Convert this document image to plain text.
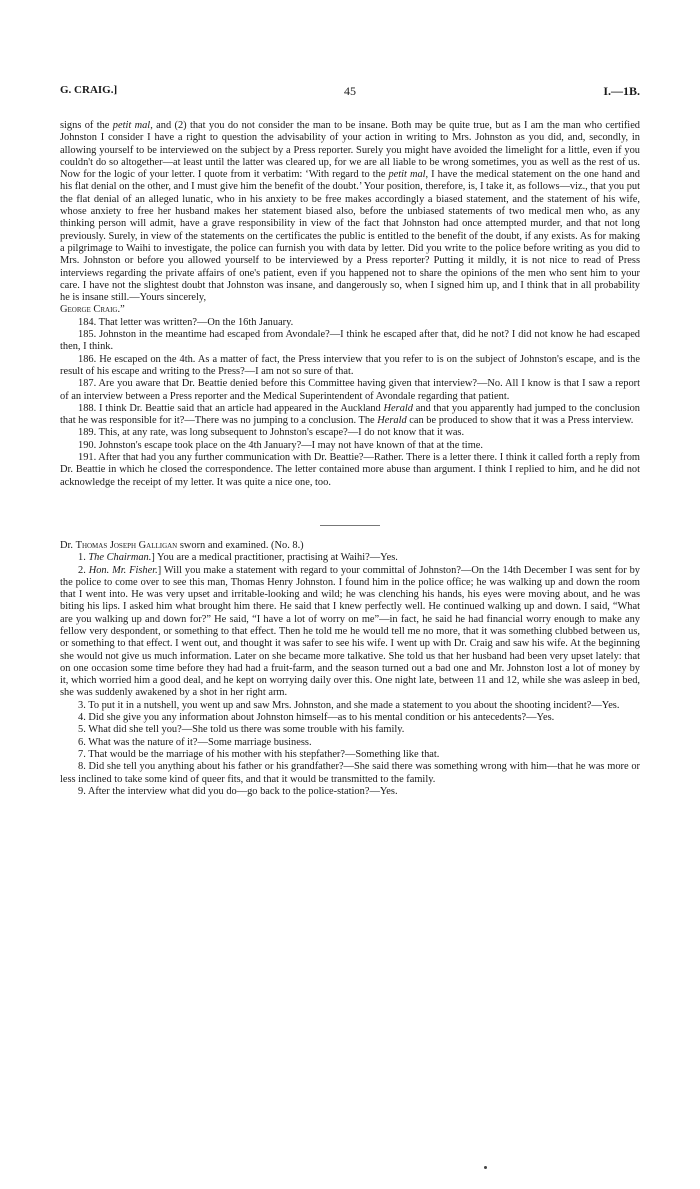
G. CRAIG.]	45	I.—1B.

signs of the petit mal, and (2) that you do not consider the man to be insane. Both may be quite true, but as I am the man who certified Johnston I consider I have a right to question the advisability of your action in writing to Mrs. Johnston as you did, and, secondly, in allowing yourself to be interviewed on the subject by a Press reporter. Surely you might have avoided the limelight for a little, even if you couldn't do so altogether—at least until the latter was cleared up, for we are all liable to be wrong sometimes, you as well as the rest of us. Now for the logic of your letter. I quote from it verbatim: ‘With regard to the petit mal, I have the medical statement on the one hand and his flat denial on the other, and I must give him the benefit of the doubt.’ Your position, therefore, is, I take it, as follows—viz., that you put the flat denial of an alleged lunatic, who in his anxiety to be free makes accordingly a biased statement, and the statement of his wife, whose anxiety to free her husband makes her statement biased also, before the unbiased statements of two medical men who, as any thinking person will admit, have a grave responsibility in view of the fact that Johnston had once attempted murder, and that not long previously. Surely, in view of the statements on the certificates the public is entitled to the benefit of the doubt, if any exists. As for making a pilgrimage to Waihi to investigate, the police can furnish you with data by letter. Did you write to the police before writing as you did to Mrs. Johnston or before you allowed yourself to be interviewed by a Press reporter? Putting it mildly, it is not nice to read of Press interviews regarding the private affairs of one's patient, even if you happened not to share the opinions of the men who sent him to your care. I have not the slightest doubt that Johnston was insane, and dangerously so, when I signed him up, and I think that in all probability he is insane still.—Yours sincerely,

George Craig.”

184. That letter was written?—On the 16th January.

185. Johnston in the meantime had escaped from Avondale?—I think he escaped after that, did he not? I did not know he had escaped then, I think.

186. He escaped on the 4th. As a matter of fact, the Press interview that you refer to is on the subject of Johnston's escape, and is the result of his escape and writing to the Press?—I am not so sure of that.

187. Are you aware that Dr. Beattie denied before this Committee having given that interview?—No. All I know is that I saw a report of an interview between a Press reporter and the Medical Superintendent of Avondale regarding that patient.

188. I think Dr. Beattie said that an article had appeared in the Auckland Herald and that you apparently had jumped to the conclusion that he was responsible for it?—There was no jumping to a conclusion. The Herald can be produced to show that it was a Press interview.

189. This, at any rate, was long subsequent to Johnston's escape?—I do not know that it was.

190. Johnston's escape took place on the 4th January?—I may not have known of that at the time.

191. After that had you any further communication with Dr. Beattie?—Rather. There is a letter there. I think it called forth a reply from Dr. Beattie in which he closed the correspondence. The letter contained more abuse than argument. I think I replied to him, and he did not acknowledge the receipt of my letter. It was quite a nice one, too.

Dr. Thomas Joseph Galligan sworn and examined. (No. 8.)

1. The Chairman.] You are a medical practitioner, practising at Waihi?—Yes.

2. Hon. Mr. Fisher.] Will you make a statement with regard to your committal of Johnston?—On the 14th December I was sent for by the police to come over to see this man, Thomas Henry Johnston. I found him in the police office; he was walking up and down the room that I went into. He was very upset and irritable-looking and wild; he was clenching his hands, his eyes were moving about, and he was biting his lips. I asked him what brought him there. He said that I knew perfectly well. He continued walking up and down. I said, “What are you walking up and down for?” He said, “I have a lot of worry on me”—in fact, he said he had financial worry enough to make any fellow very despondent, or something to that effect. Then he told me he would tell me no more, that it was something clubbed between us, or something to that effect. I went out, and thought it was safer to see his wife. I went up with Dr. Craig and saw his wife. At the beginning she would not give us much information. Later on she became more talkative. She told us that her husband had been very upset lately: that on one occasion some time before they had had a fruit-farm, and the season turned out a bad one and Mr. Johnston lost a lot of money by it, which worried him a good deal, and he kept on worrying daily over this. One night late, between 11 and 12, while she was asleep in bed, she was suddenly awakened by a shot in her right arm.

3. To put it in a nutshell, you went up and saw Mrs. Johnston, and she made a statement to you about the shooting incident?—Yes.

4. Did she give you any information about Johnston himself—as to his mental condition or his antecedents?—Yes.

5. What did she tell you?—She told us there was some trouble with his family.

6. What was the nature of it?—Some marriage business.

7. That would be the marriage of his mother with his stepfather?—Something like that.

8. Did she tell you anything about his father or his grandfather?—She said there was something wrong with him—that he was more or less inclined to take some kind of queer fits, and that it would be transmitted to the family.

9. After the interview what did you do—go back to the police-station?—Yes.
